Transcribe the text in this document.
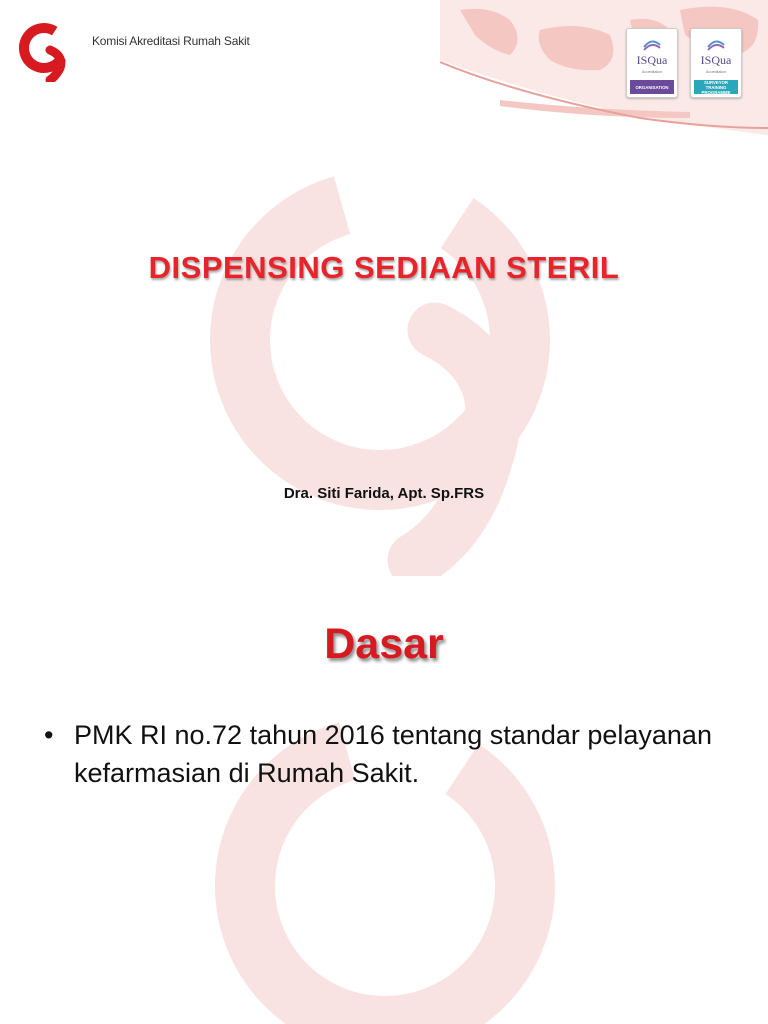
Komisi Akreditasi Rumah Sakit
ISQua
Accreditation
ORGANISATION
ISQua
Accreditation
SURVEYOR TRAINING PROGRAMME
DISPENSING SEDIAAN STERIL
Dra. Siti Farida, Apt. Sp.FRS
Dasar
• PMK RI no.72 tahun 2016 tentang standar pelayanan kefarmasian di Rumah Sakit.
